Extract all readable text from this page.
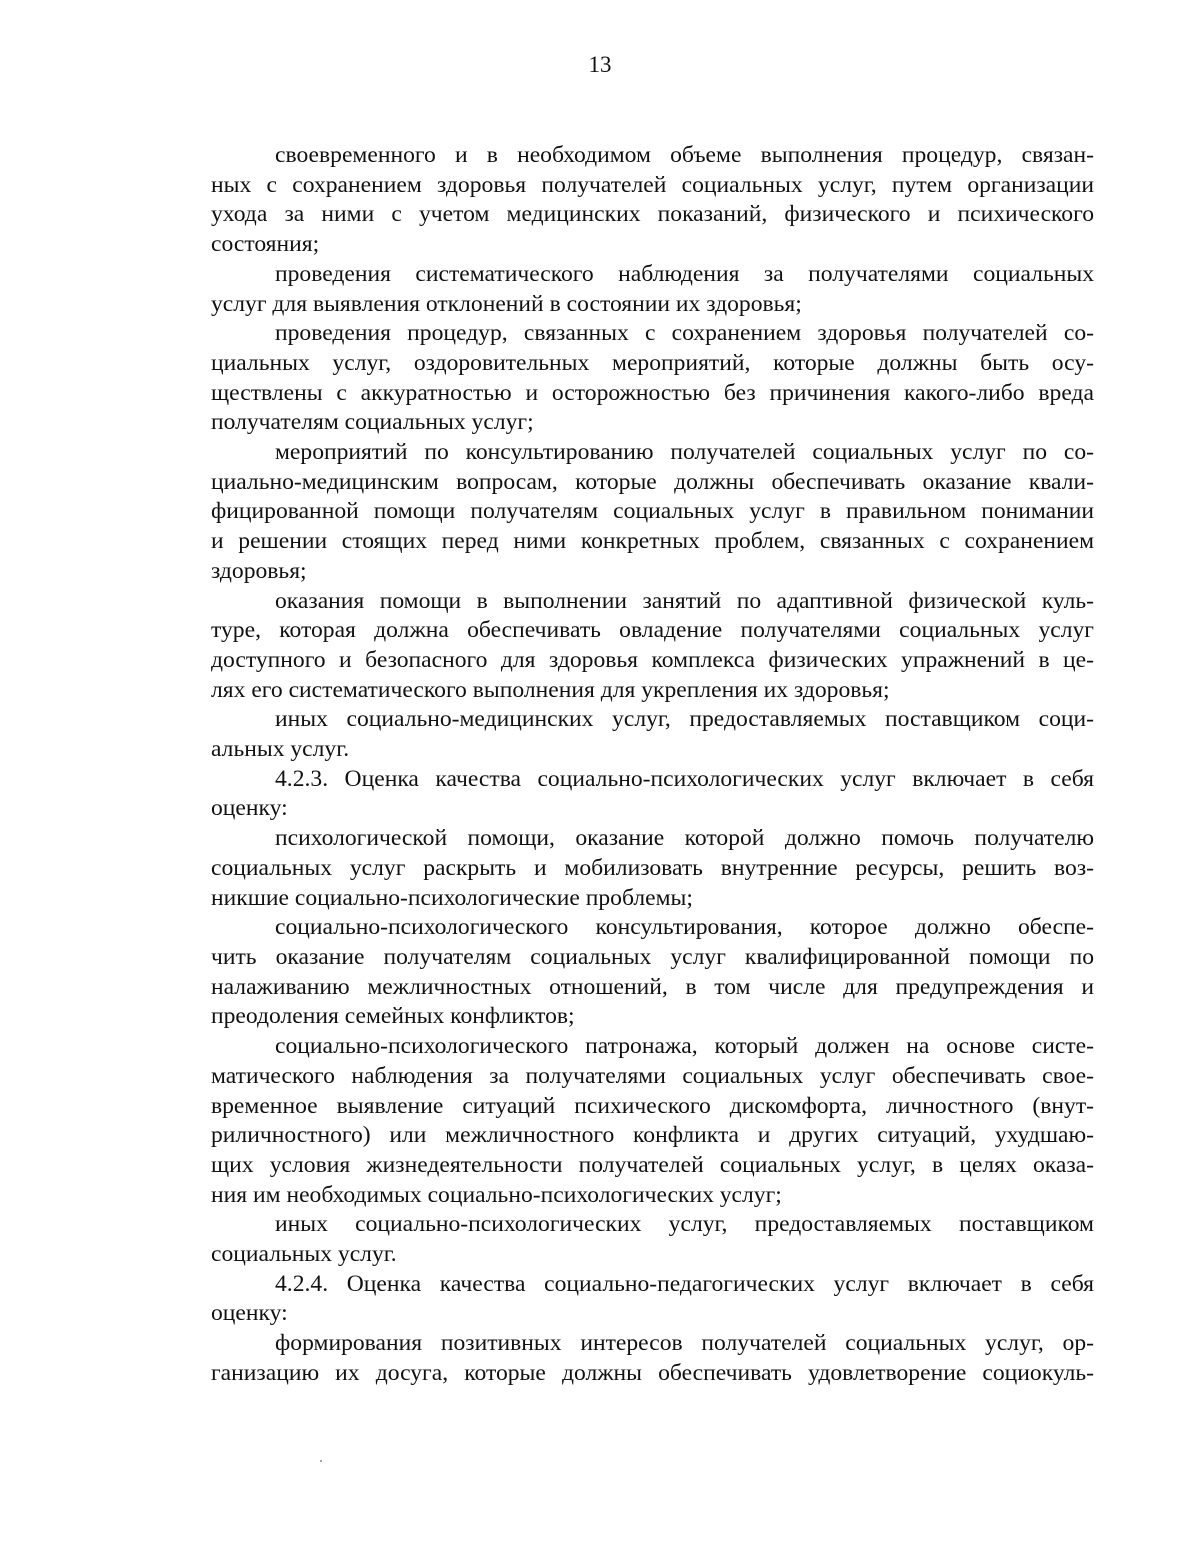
13

своевременного и в необходимом объеме выполнения процедур, связан-
ных с сохранением здоровья получателей социальных услуг, путем организации
ухода за ними с учетом медицинских показаний, физического и психического
состояния;

проведения систематического наблюдения за получателями социальных
услуг для выявления отклонений в состоянии их здоровья;

проведения процедур, связанных с сохранением здоровья получателей со-
циальных услуг, оздоровительных мероприятий, которые должны быть осу-
ществлены с аккуратностью и осторожностью без причинения какого-либо вреда
получателям социальных услуг;

мероприятий по консультированию получателей социальных услуг по со-
циально-медицинским вопросам, которые должны обеспечивать оказание квали-
фицированной помощи получателям социальных услуг в правильном понимании
и решении стоящих перед ними конкретных проблем, связанных с сохранением
здоровья;

оказания помощи в выполнении занятий по адаптивной физической куль-
туре, которая должна обеспечивать овладение получателями социальных услуг
доступного и безопасного для здоровья комплекса физических упражнений в це-
лях его систематического выполнения для укрепления их здоровья;

иных социально-медицинских услуг, предоставляемых поставщиком соци-
альных услуг.

4.2.3. Оценка качества социально-психологических услуг включает в себя
оценку:

психологической помощи, оказание которой должно помочь получателю
социальных услуг раскрыть и мобилизовать внутренние ресурсы, решить воз-
никшие социально-психологические проблемы;

социально-психологического консультирования, которое должно обеспе-
чить оказание получателям социальных услуг квалифицированной помощи по
налаживанию межличностных отношений, в том числе для предупреждения и
преодоления семейных конфликтов;

социально-психологического патронажа, который должен на основе систе-
матического наблюдения за получателями социальных услуг обеспечивать свое-
временное выявление ситуаций психического дискомфорта, личностного (внут-
риличностного) или межличностного конфликта и других ситуаций, ухудшаю-
щих условия жизнедеятельности получателей социальных услуг, в целях оказа-
ния им необходимых социально-психологических услуг;

иных социально-психологических услуг, предоставляемых поставщиком
социальных услуг.

4.2.4. Оценка качества социально-педагогических услуг включает в себя
оценку:

формирования позитивных интересов получателей социальных услуг, ор-
ганизацию их досуга, которые должны обеспечивать удовлетворение социокуль-
